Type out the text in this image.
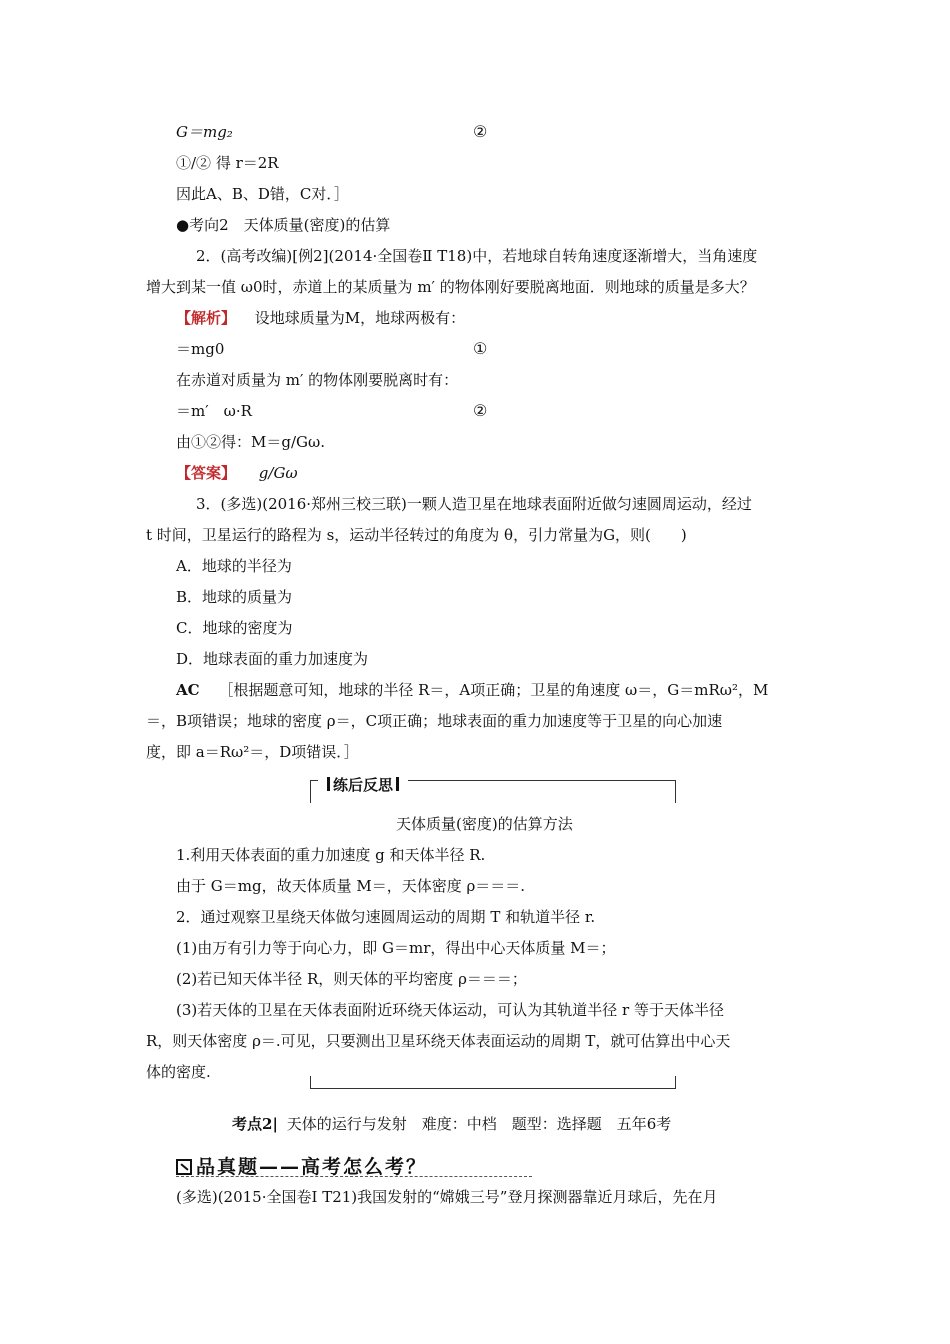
G＝mg₂	②
①/② 得 r＝2R
因此A、B、D错，C对．］
●考向2　天体质量(密度)的估算
2．(高考改编)[例2](2014·全国卷Ⅱ T18)中，若地球自转角速度逐渐增大，当角速度
增大到某一值 ω0时，赤道上的某质量为 m′ 的物体刚好要脱离地面．则地球的质量是多大？
【解析】 设地球质量为M，地球两极有：
＝mg0	①
在赤道对质量为 m′ 的物体刚要脱离时有：
＝m′　ω·R	②
由①②得：M＝g/Gω.
【答案】 g/Gω
3．(多选)(2016·郑州三校三联)一颗人造卫星在地球表面附近做匀速圆周运动，经过
t 时间，卫星运行的路程为 s，运动半径转过的角度为 θ，引力常量为G，则(　　)
A．地球的半径为
B．地球的质量为
C．地球的密度为
D．地球表面的重力加速度为
AC ［根据题意可知，地球的半径 R＝，A项正确；卫星的角速度 ω＝，G＝mRω²，M
＝，B项错误；地球的密度 ρ＝，C项正确；地球表面的重力加速度等于卫星的向心加速
度，即 a＝Rω²＝，D项错误．］
练后反思
天体质量(密度)的估算方法
1.利用天体表面的重力加速度 g 和天体半径 R.
由于 G＝mg，故天体质量 M＝，天体密度 ρ＝＝＝.
2．通过观察卫星绕天体做匀速圆周运动的周期 T 和轨道半径 r.
(1)由万有引力等于向心力，即 G＝mr，得出中心天体质量 M＝；
(2)若已知天体半径 R，则天体的平均密度 ρ＝＝＝；
(3)若天体的卫星在天体表面附近环绕天体运动，可认为其轨道半径 r 等于天体半径
R，则天体密度 ρ＝.可见，只要测出卫星环绕天体表面运动的周期 T，就可估算出中心天
体的密度.
考点2| 天体的运行与发射　难度：中档　题型：选择题　五年6考
品真题——高考怎么考？
(多选)(2015·全国卷Ⅰ T21)我国发射的“嫦娥三号”登月探测器靠近月球后，先在月
